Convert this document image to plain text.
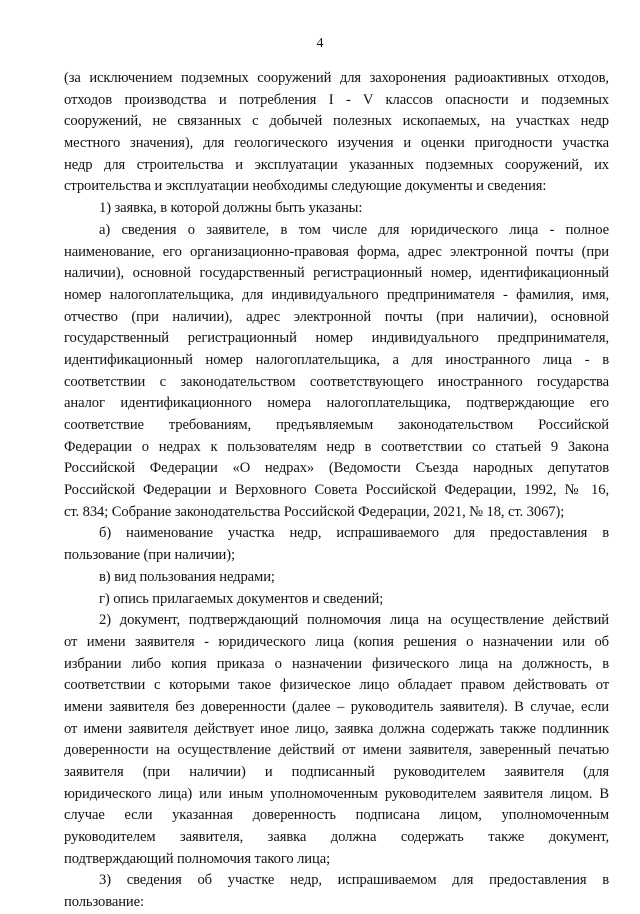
4
(за исключением подземных сооружений для захоронения радиоактивных отходов,
отходов производства и потребления I - V классов опасности и подземных
сооружений, не связанных с добычей полезных ископаемых, на участках недр
местного значения), для геологического изучения и оценки пригодности участка
недр для строительства и эксплуатации указанных подземных сооружений, их
строительства и эксплуатации необходимы следующие документы и сведения:
1) заявка, в которой должны быть указаны:
а) сведения о заявителе, в том числе для юридического лица - полное
наименование, его организационно-правовая форма, адрес электронной почты (при
наличии), основной государственный регистрационный номер, идентификационный
номер налогоплательщика, для индивидуального предпринимателя - фамилия, имя,
отчество (при наличии), адрес электронной почты (при наличии), основной
государственный регистрационный номер индивидуального предпринимателя,
идентификационный номер налогоплательщика, а для иностранного лица - в
соответствии с законодательством соответствующего иностранного государства
аналог идентификационного номера налогоплательщика, подтверждающие его
соответствие требованиям, предъявляемым законодательством Российской
Федерации о недрах к пользователям недр в соответствии со статьей 9 Закона
Российской Федерации «О недрах» (Ведомости Съезда народных депутатов
Российской Федерации и Верховного Совета Российской Федерации, 1992, № 16,
ст. 834; Собрание законодательства Российской Федерации, 2021, № 18, ст. 3067);
б) наименование участка недр, испрашиваемого для предоставления в
пользование (при наличии);
в) вид пользования недрами;
г) опись прилагаемых документов и сведений;
2) документ, подтверждающий полномочия лица на осуществление действий
от имени заявителя - юридического лица (копия решения о назначении или об
избрании либо копия приказа о назначении физического лица на должность, в
соответствии с которыми такое физическое лицо обладает правом действовать от
имени заявителя без доверенности (далее – руководитель заявителя). В случае, если
от имени заявителя действует иное лицо, заявка должна содержать также подлинник
доверенности на осуществление действий от имени заявителя, заверенный печатью
заявителя (при наличии) и подписанный руководителем заявителя (для
юридического лица) или иным уполномоченным руководителем заявителя лицом. В
случае если указанная доверенность подписана лицом, уполномоченным
руководителем заявителя, заявка должна содержать также документ,
подтверждающий полномочия такого лица;
3) сведения об участке недр, испрашиваемом для предоставления в
пользование:
